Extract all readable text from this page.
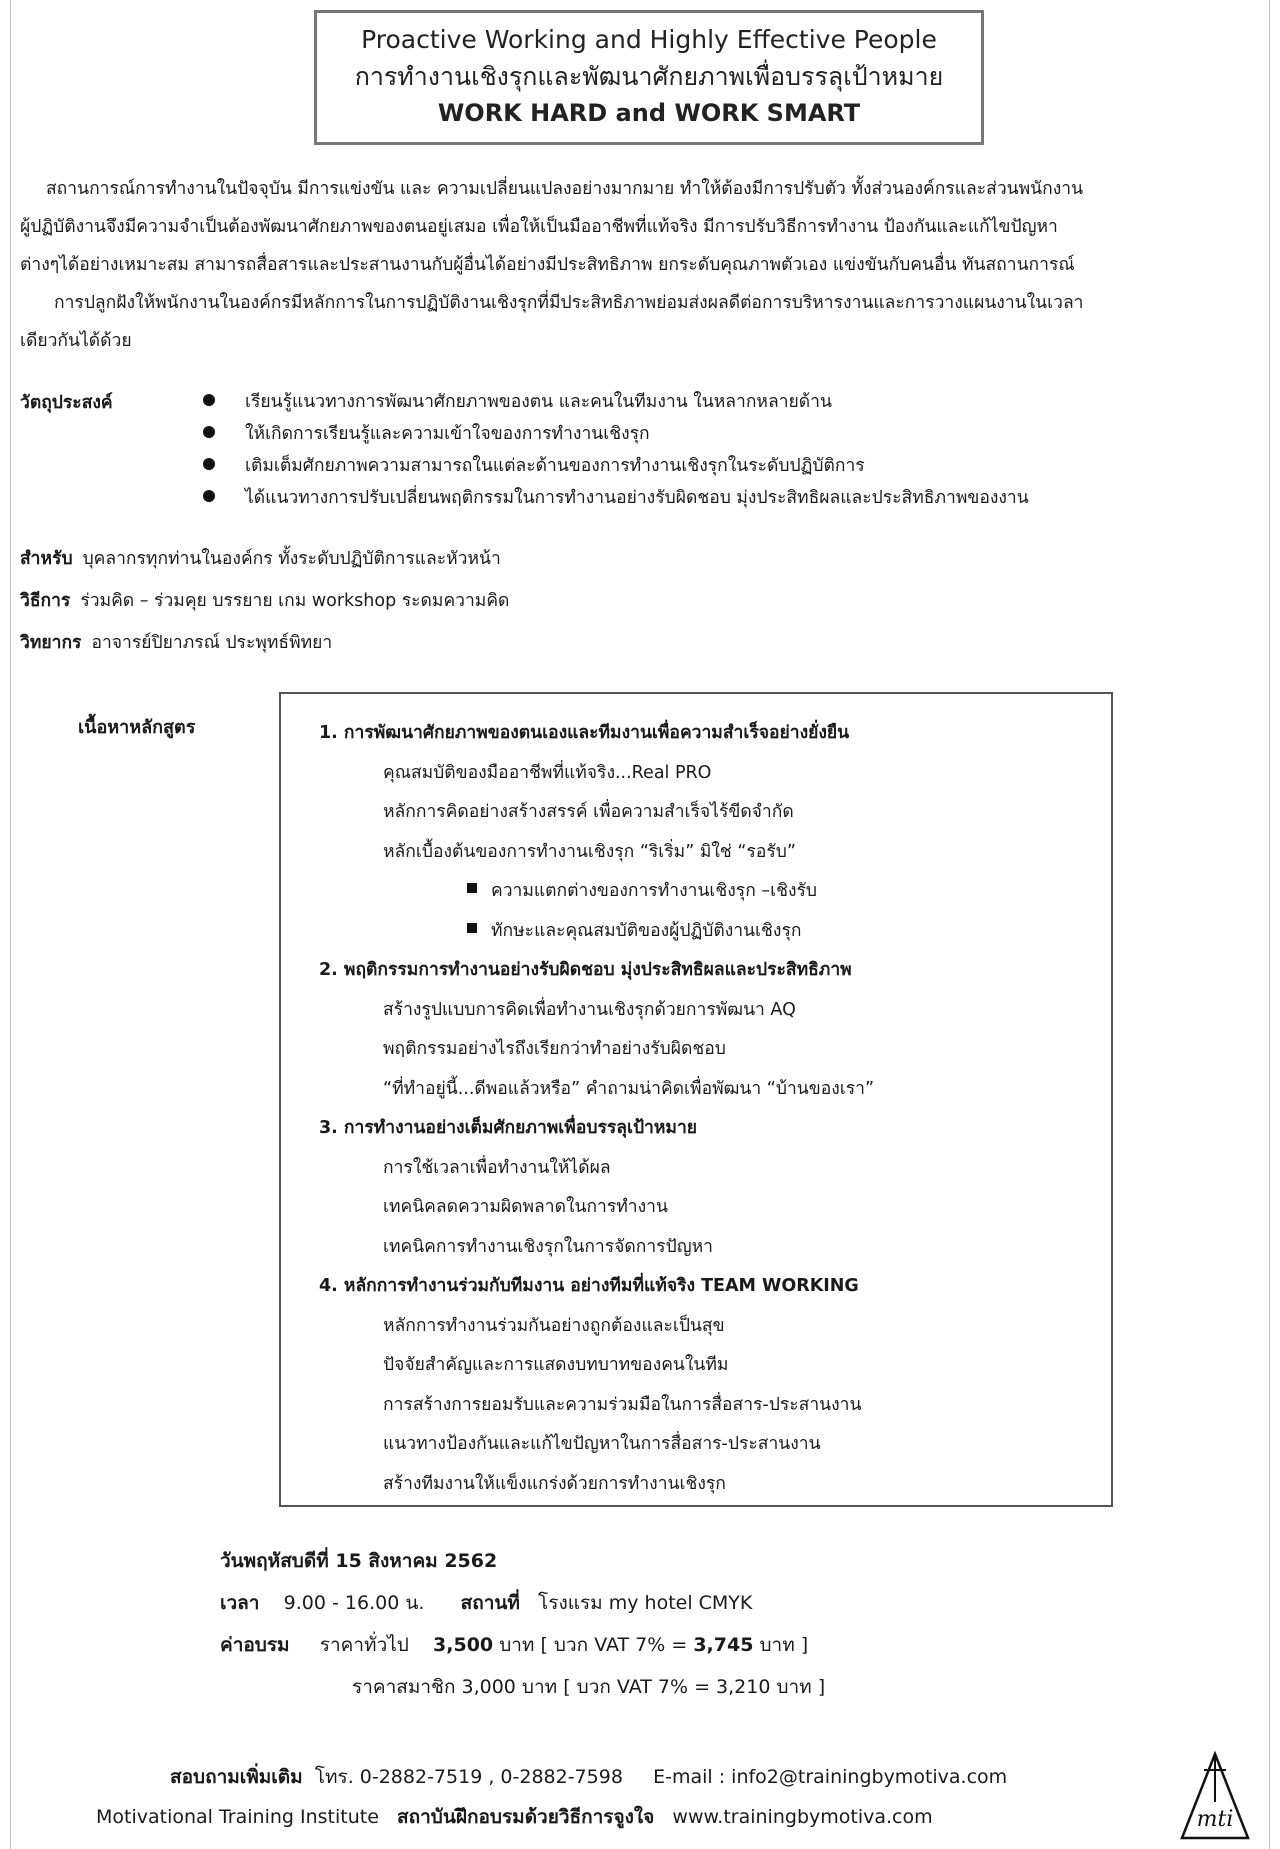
Proactive Working and Highly Effective People
การทำงานเชิงรุกและพัฒนาศักยภาพเพื่อบรรลุเป้าหมาย
WORK HARD and WORK SMART

สถานการณ์การทำงานในปัจจุบัน มีการแข่งขัน และ ความเปลี่ยนแปลงอย่างมากมาย ทำให้ต้องมีการปรับตัว ทั้งส่วนองค์กรและส่วนพนักงาน

ผู้ปฏิบัติงานจึงมีความจำเป็นต้องพัฒนาศักยภาพของตนอยู่เสมอ เพื่อให้เป็นมืออาชีพที่แท้จริง มีการปรับวิธีการทำงาน ป้องกันและแก้ไขปัญหา

ต่างๆได้อย่างเหมาะสม สามารถสื่อสารและประสานงานกับผู้อื่นได้อย่างมีประสิทธิภาพ ยกระดับคุณภาพตัวเอง แข่งขันกับคนอื่น ทันสถานการณ์

การปลูกฝังให้พนักงานในองค์กรมีหลักการในการปฏิบัติงานเชิงรุกที่มีประสิทธิภาพย่อมส่งผลดีต่อการบริหารงานและการวางแผนงานในเวลา

เดียวกันได้ด้วย

วัตถุประสงค์	เรียนรู้แนวทางการพัฒนาศักยภาพของตน และคนในทีมงาน ในหลากหลายด้าน
ให้เกิดการเรียนรู้และความเข้าใจของการทำงานเชิงรุก
เติมเต็มศักยภาพความสามารถในแต่ละด้านของการทำงานเชิงรุกในระดับปฏิบัติการ
ได้แนวทางการปรับเปลี่ยนพฤติกรรมในการทำงานอย่างรับผิดชอบ มุ่งประสิทธิผลและประสิทธิภาพของงาน
สำหรับ บุคลากรทุกท่านในองค์กร ทั้งระดับปฏิบัติการและหัวหน้า
วิธีการ ร่วมคิด – ร่วมคุย บรรยาย เกม workshop ระดมความคิด
วิทยากร อาจารย์ปิยาภรณ์ ประพุทธ์พิทยา
เนื้อหาหลักสูตร	1. การพัฒนาศักยภาพของตนเองและทีมงานเพื่อความสำเร็จอย่างยั่งยืน
คุณสมบัติของมืออาชีพที่แท้จริง...Real PRO
หลักการคิดอย่างสร้างสรรค์ เพื่อความสำเร็จไร้ขีดจำกัด
หลักเบื้องต้นของการทำงานเชิงรุก “ริเริ่ม” มิใช่ “รอรับ”
ความแตกต่างของการทำงานเชิงรุก –เชิงรับ
ทักษะและคุณสมบัติของผู้ปฏิบัติงานเชิงรุก
2. พฤติกรรมการทำงานอย่างรับผิดชอบ มุ่งประสิทธิผลและประสิทธิภาพ
สร้างรูปแบบการคิดเพื่อทำงานเชิงรุกด้วยการพัฒนา AQ
พฤติกรรมอย่างไรถึงเรียกว่าทำอย่างรับผิดชอบ
“ที่ทำอยู่นี้...ดีพอแล้วหรือ” คำถามน่าคิดเพื่อพัฒนา “บ้านของเรา”
3. การทำงานอย่างเต็มศักยภาพเพื่อบรรลุเป้าหมาย
การใช้เวลาเพื่อทำงานให้ได้ผล
เทคนิคลดความผิดพลาดในการทำงาน
เทคนิคการทำงานเชิงรุกในการจัดการปัญหา
4. หลักการทำงานร่วมกับทีมงาน อย่างทีมที่แท้จริง TEAM WORKING
หลักการทำงานร่วมกันอย่างถูกต้องและเป็นสุข
ปัจจัยสำคัญและการแสดงบทบาทของคนในทีม
การสร้างการยอมรับและความร่วมมือในการสื่อสาร-ประสานงาน
แนวทางป้องกันและแก้ไขปัญหาในการสื่อสาร-ประสานงาน
สร้างทีมงานให้แข็งแกร่งด้วยการทำงานเชิงรุก
วันพฤหัสบดีที่ 15 สิงหาคม 2562
เวลา 9.00 - 16.00 น. สถานที่ โรงแรม my hotel CMYK
ค่าอบรม ราคาทั่วไป 3,500 บาท [ บวก VAT 7% = 3,745 บาท ]
ราคาสมาชิก 3,000 บาท [ บวก VAT 7% = 3,210 บาท ]
สอบถามเพิ่มเติม โทร. 0-2882-7519 , 0-2882-7598 E-mail : info2@trainingbymotiva.com
Motivational Training Institute สถาบันฝึกอบรมด้วยวิธีการจูงใจ www.trainingbymotiva.com	mti
